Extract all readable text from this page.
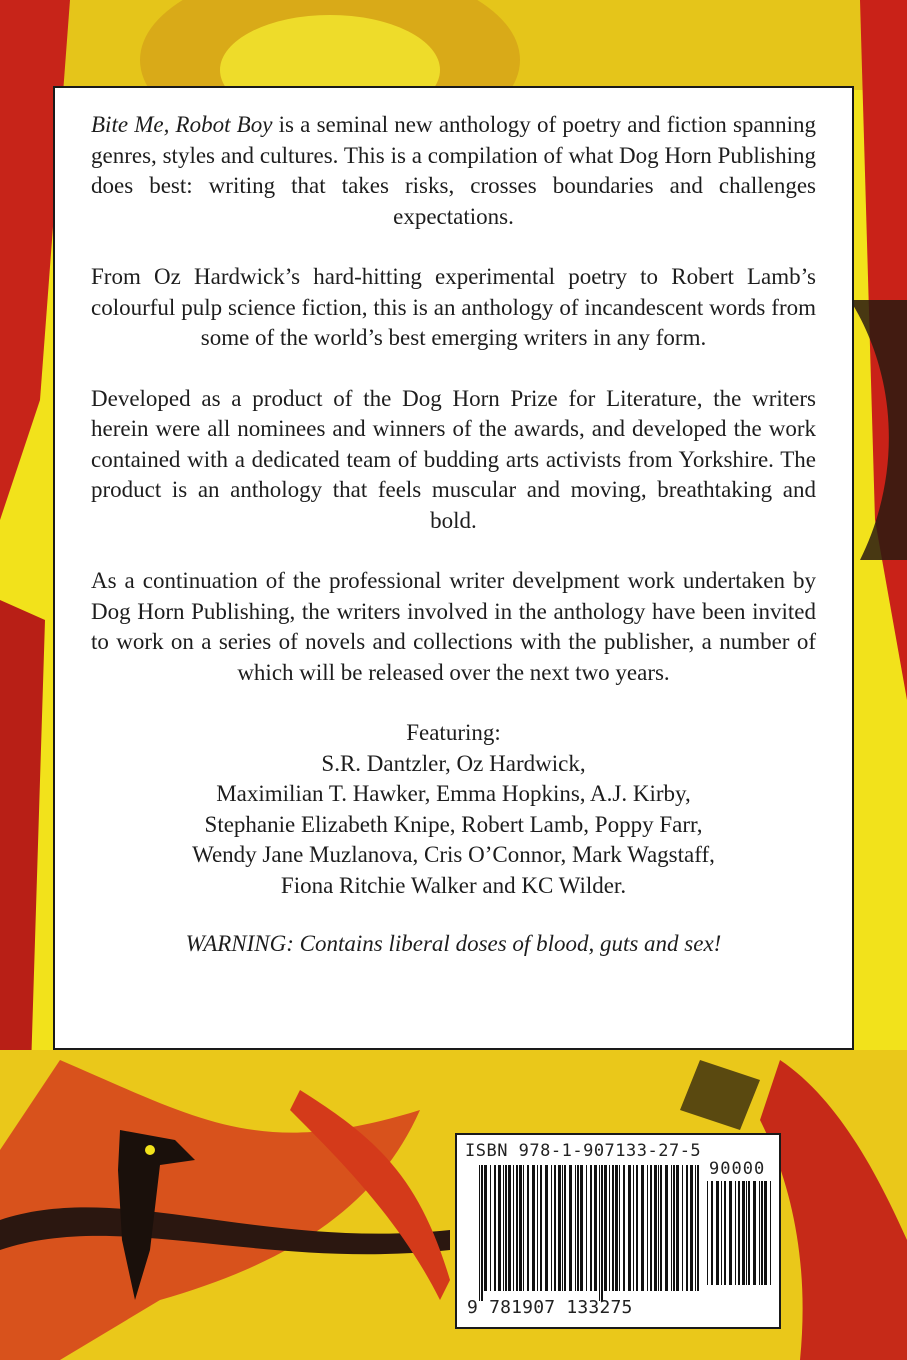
Bite Me, Robot Boy is a seminal new anthology of poetry and fiction spanning genres, styles and cultures. This is a compilation of what Dog Horn Publishing does best: writing that takes risks, crosses boundaries and challenges expectations.

From Oz Hardwick’s hard-hitting experimental poetry to Robert Lamb’s colourful pulp science fiction, this is an anthology of incandescent words from some of the world’s best emerging writers in any form.

Developed as a product of the Dog Horn Prize for Literature, the writers herein were all nominees and winners of the awards, and developed the work contained with a dedicated team of budding arts activists from Yorkshire. The product is an anthology that feels muscular and moving, breathtaking and bold.

As a continuation of the professional writer develpment work undertaken by Dog Horn Publishing, the writers involved in the anthology have been invited to work on a series of novels and collections with the publisher, a number of which will be released over the next two years.

Featuring:
S.R. Dantzler, Oz Hardwick,
Maximilian T. Hawker, Emma Hopkins, A.J. Kirby,
Stephanie Elizabeth Knipe, Robert Lamb, Poppy Farr,
Wendy Jane Muzlanova, Cris O’Connor, Mark Wagstaff,
Fiona Ritchie Walker and KC Wilder.

WARNING: Contains liberal doses of blood, guts and sex!

ISBN 978-1-907133-27-5
90000
9 781907 133275
